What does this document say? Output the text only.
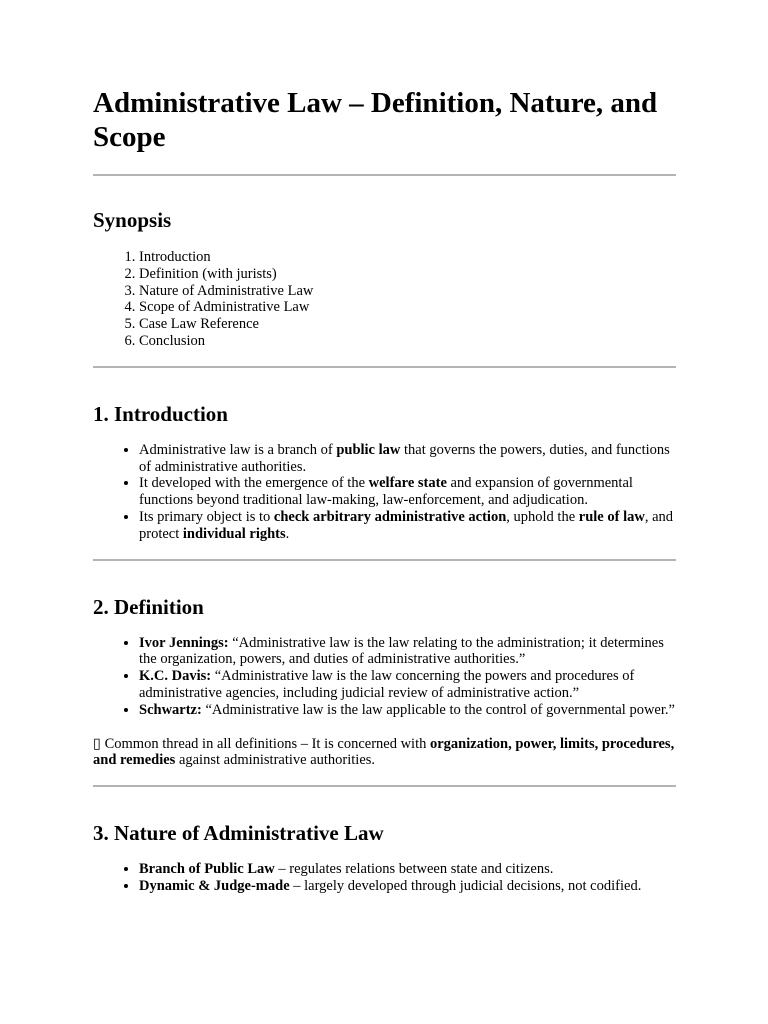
Administrative Law – Definition, Nature, and Scope
Synopsis
1. Introduction
2. Definition (with jurists)
3. Nature of Administrative Law
4. Scope of Administrative Law
5. Case Law Reference
6. Conclusion
1. Introduction
• Administrative law is a branch of public law that governs the powers, duties, and functions of administrative authorities.
• It developed with the emergence of the welfare state and expansion of governmental functions beyond traditional law-making, law-enforcement, and adjudication.
• Its primary object is to check arbitrary administrative action, uphold the rule of law, and protect individual rights.
2. Definition
• Ivor Jennings: “Administrative law is the law relating to the administration; it determines the organization, powers, and duties of administrative authorities.”
• K.C. Davis: “Administrative law is the law concerning the powers and procedures of administrative agencies, including judicial review of administrative action.”
• Schwartz: “Administrative law is the law applicable to the control of governmental power.”

▯ Common thread in all definitions – It is concerned with organization, power, limits, procedures, and remedies against administrative authorities.

3. Nature of Administrative Law
• Branch of Public Law – regulates relations between state and citizens.
• Dynamic & Judge-made – largely developed through judicial decisions, not codified.
